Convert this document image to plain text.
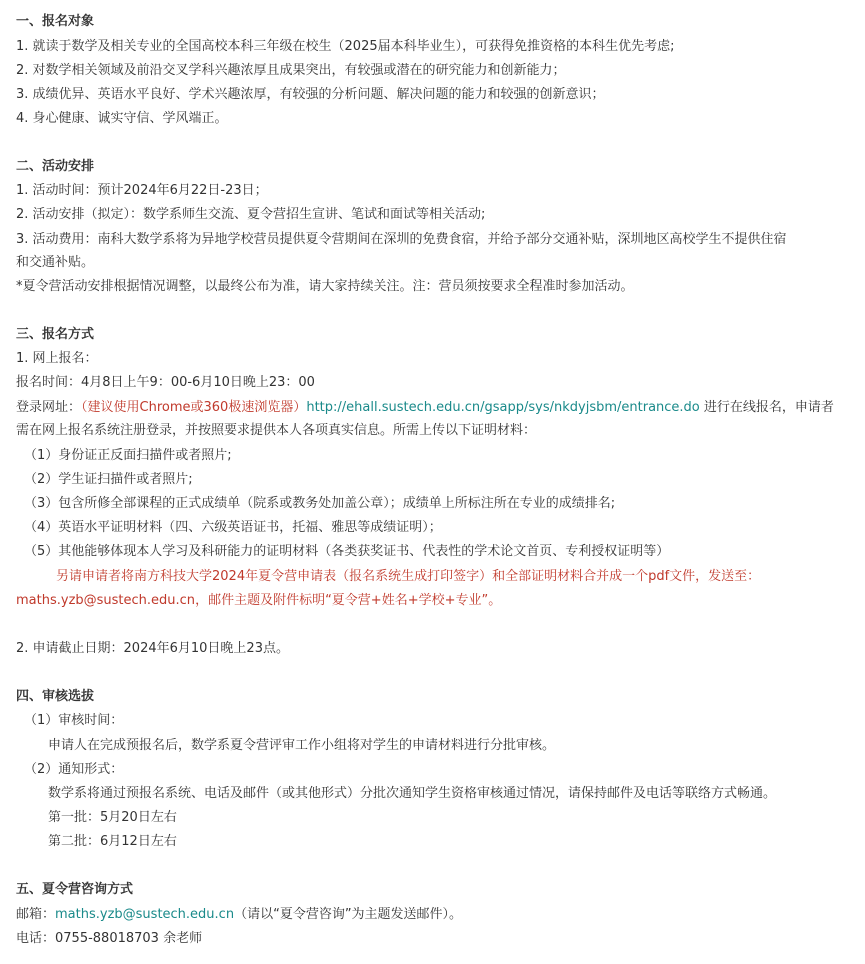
一、报名对象
1. 就读于数学及相关专业的全国高校本科三年级在校生（2025届本科毕业生），可获得免推资格的本科生优先考虑;
2. 对数学相关领域及前沿交叉学科兴趣浓厚且成果突出，有较强或潜在的研究能力和创新能力；
3. 成绩优异、英语水平良好、学术兴趣浓厚，有较强的分析问题、解决问题的能力和较强的创新意识；
4. 身心健康、诚实守信、学风端正。
二、活动安排
1. 活动时间：预计2024年6月22日-23日；
2. 活动安排（拟定）：数学系师生交流、夏令营招生宣讲、笔试和面试等相关活动;
3. 活动费用：南科大数学系将为异地学校营员提供夏令营期间在深圳的免费食宿，并给予部分交通补贴，深圳地区高校学生不提供住宿
和交通补贴。
*夏令营活动安排根据情况调整，以最终公布为准，请大家持续关注。注：营员须按要求全程准时参加活动。
三、报名方式
1. 网上报名：
报名时间：4月8日上午9：00-6月10日晚上23：00
登录网址：（建议使用Chrome或360极速浏览器）http://ehall.sustech.edu.cn/gsapp/sys/nkdyjsbm/entrance.do 进行在线报名，申请者
需在网上报名系统注册登录，并按照要求提供本人各项真实信息。所需上传以下证明材料：
（1）身份证正反面扫描件或者照片;
（2）学生证扫描件或者照片;
（3）包含所修全部课程的正式成绩单（院系或教务处加盖公章）；成绩单上所标注所在专业的成绩排名;
（4）英语水平证明材料（四、六级英语证书，托福、雅思等成绩证明）；
（5）其他能够体现本人学习及科研能力的证明材料（各类获奖证书、代表性的学术论文首页、专利授权证明等）
另请申请者将南方科技大学2024年夏令营申请表（报名系统生成打印签字）和全部证明材料合并成一个pdf文件，发送至：
maths.yzb@sustech.edu.cn，邮件主题及附件标明“夏令营+姓名+学校+专业”。
2. 申请截止日期：2024年6月10日晚上23点。
四、审核选拔
（1）审核时间：
申请人在完成预报名后，数学系夏令营评审工作小组将对学生的申请材料进行分批审核。
（2）通知形式：
数学系将通过预报名系统、电话及邮件（或其他形式）分批次通知学生资格审核通过情况，请保持邮件及电话等联络方式畅通。
第一批：5月20日左右
第二批：6月12日左右
五、夏令营咨询方式
邮箱：maths.yzb@sustech.edu.cn（请以“夏令营咨询”为主题发送邮件）。
电话：0755-88018703 余老师
